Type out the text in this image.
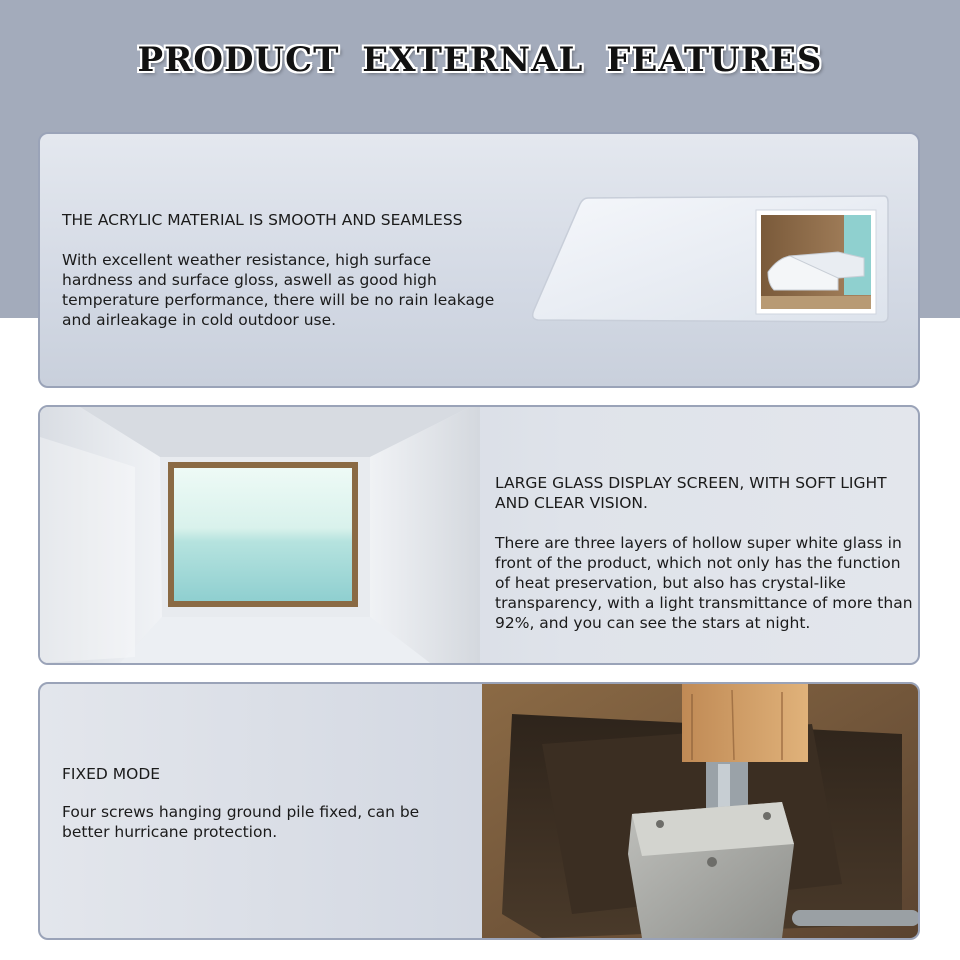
PRODUCT EXTERNAL FEATURES
THE ACRYLIC MATERIAL IS SMOOTH AND SEAMLESS
With excellent weather resistance, high surface hardness and surface gloss, aswell as good high temperature performance, there will be no rain leakage and airleakage in cold outdoor use.
LARGE GLASS DISPLAY SCREEN, WITH SOFT LIGHT AND CLEAR VISION.
There are three layers of hollow super white glass in front of the product, which not only has the function of heat preservation, but also has crystal-like transparency, with a light transmittance of more than 92%, and you can see the stars at night.
FIXED MODE
Four screws hanging ground pile fixed, can be better hurricane protection.
